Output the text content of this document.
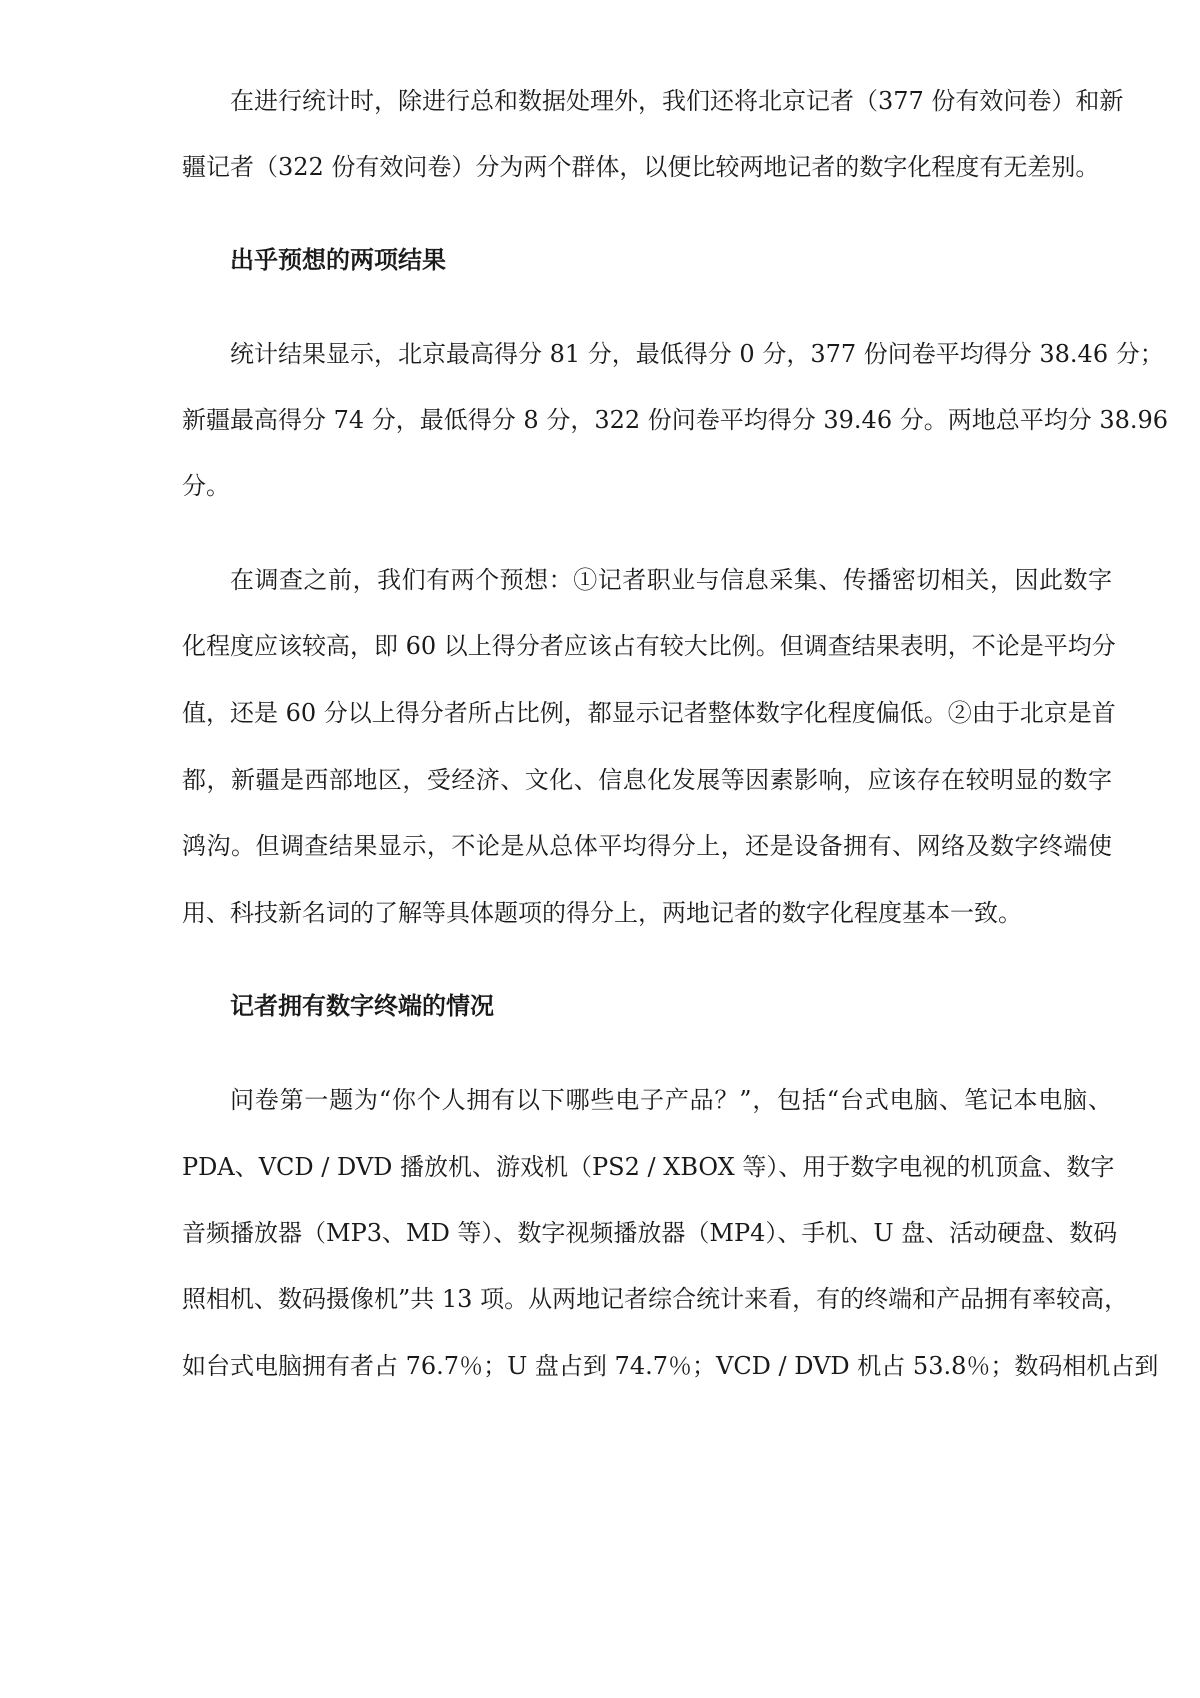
在进行统计时，除进行总和数据处理外，我们还将北京记者（377 份有效问卷）和新
疆记者（322 份有效问卷）分为两个群体，以便比较两地记者的数字化程度有无差别。
出乎预想的两项结果
统计结果显示，北京最高得分 81 分，最低得分 0 分，377 份问卷平均得分 38.46 分；
新疆最高得分 74 分，最低得分 8 分，322 份问卷平均得分 39.46 分。两地总平均分 38.96
分。
在调查之前，我们有两个预想：①记者职业与信息采集、传播密切相关，因此数字
化程度应该较高，即 60 以上得分者应该占有较大比例。但调查结果表明，不论是平均分
值，还是 60 分以上得分者所占比例，都显示记者整体数字化程度偏低。②由于北京是首
都，新疆是西部地区，受经济、文化、信息化发展等因素影响，应该存在较明显的数字
鸿沟。但调查结果显示，不论是从总体平均得分上，还是设备拥有、网络及数字终端使
用、科技新名词的了解等具体题项的得分上，两地记者的数字化程度基本一致。
记者拥有数字终端的情况
问卷第一题为“你个人拥有以下哪些电子产品？”，包括“台式电脑、笔记本电脑、
PDA、VCD / DVD 播放机、游戏机（PS2 / XBOX 等）、用于数字电视的机顶盒、数字
音频播放器（MP3、MD 等）、数字视频播放器（MP4）、手机、U 盘、活动硬盘、数码
照相机、数码摄像机”共 13 项。从两地记者综合统计来看，有的终端和产品拥有率较高，
如台式电脑拥有者占 76.7％；U 盘占到 74.7％；VCD / DVD 机占 53.8％；数码相机占到
